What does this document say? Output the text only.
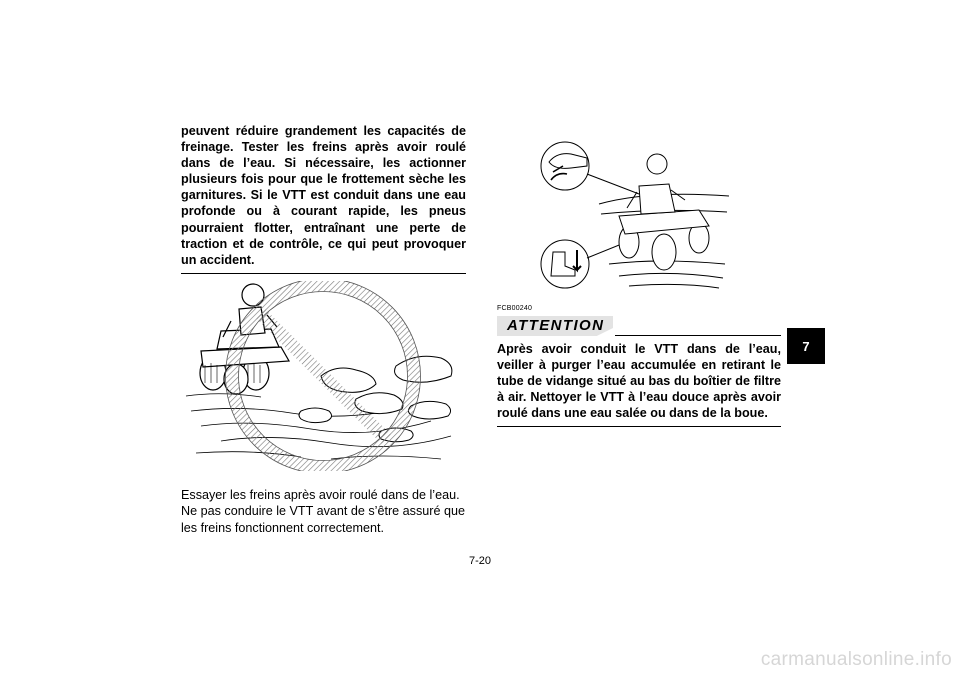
peuvent réduire grandement les capacités de freinage. Tester les freins après avoir roulé dans de l’eau. Si nécessaire, les actionner plusieurs fois pour que le frottement sèche les garnitures. Si le VTT est conduit dans une eau profonde ou à courant rapide, les pneus pourraient flotter, entraînant une perte de traction et de contrôle, ce qui peut provoquer un accident.

Essayer les freins après avoir roulé dans de l’eau. Ne pas conduire le VTT avant de s’être assuré que les freins fonctionnent correctement.

FCB00240
ATTENTION

Après avoir conduit le VTT dans de l’eau, veiller à purger l’eau accumulée en retirant le tube de vidange situé au bas du boîtier de filtre à air. Nettoyer le VTT à l’eau douce après avoir roulé dans une eau salée ou dans de la boue.

7-20
7
carmanualsonline.info
